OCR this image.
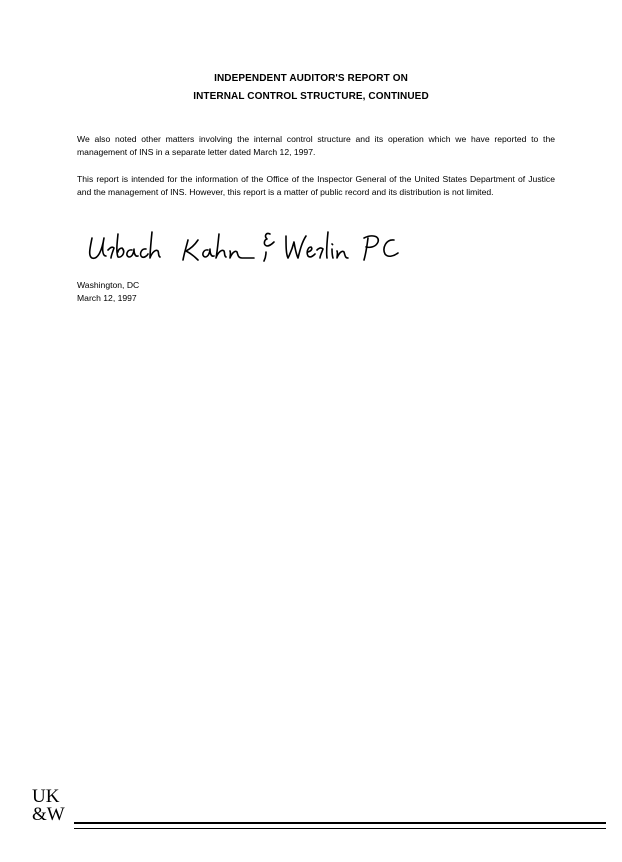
INDEPENDENT AUDITOR'S REPORT ON
INTERNAL CONTROL STRUCTURE, CONTINUED
We also noted other matters involving the internal control structure and its operation which we have reported to the management of INS in a separate letter dated March 12, 1997.
This report is intended for the information of the Office of the Inspector General of the United States Department of Justice and the management of INS. However, this report is a matter of public record and its distribution is not limited.
Washington, DC
March 12, 1997
UK
&W
